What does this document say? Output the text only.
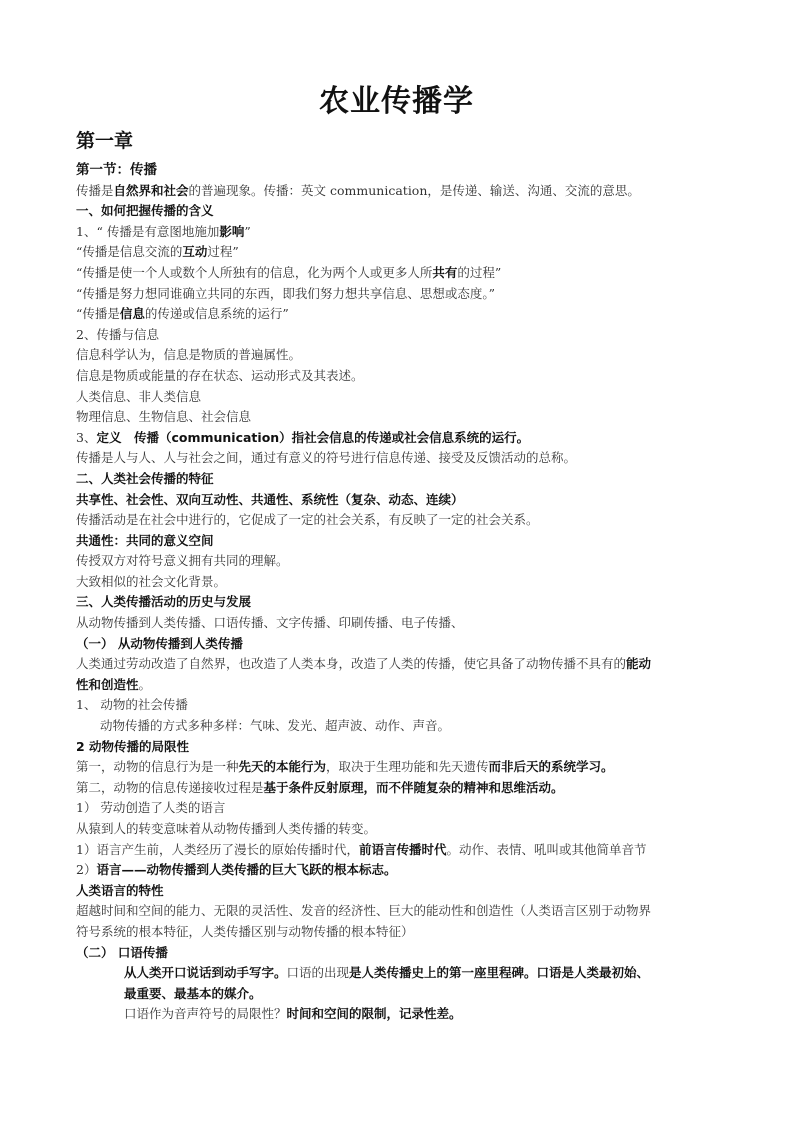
农业传播学
第一章
第一节：传播
传播是自然界和社会的普遍现象。传播：英文 communication，是传递、输送、沟通、交流的意思。
一、如何把握传播的含义
1、“ 传播是有意图地施加影响”
“传播是信息交流的互动过程”
“传播是使一个人或数个人所独有的信息，化为两个人或更多人所共有的过程”
“传播是努力想同谁确立共同的东西，即我们努力想共享信息、思想或态度。”
“传播是信息的传递或信息系统的运行”
2、传播与信息
信息科学认为，信息是物质的普遍属性。
信息是物质或能量的存在状态、运动形式及其表述。
人类信息、非人类信息
物理信息、生物信息、社会信息
3、定义　传播（communication）指社会信息的传递或社会信息系统的运行。
传播是人与人、人与社会之间，通过有意义的符号进行信息传递、接受及反馈活动的总称。
二、人类社会传播的特征
共享性、社会性、双向互动性、共通性、系统性（复杂、动态、连续）
传播活动是在社会中进行的，它促成了一定的社会关系，有反映了一定的社会关系。
共通性：共同的意义空间
传授双方对符号意义拥有共同的理解。
大致相似的社会文化背景。
三、人类传播活动的历史与发展
从动物传播到人类传播、口语传播、文字传播、印刷传播、电子传播、
（一） 从动物传播到人类传播
人类通过劳动改造了自然界，也改造了人类本身，改造了人类的传播，使它具备了动物传播不具有的能动
性和创造性。
1、 动物的社会传播
动物传播的方式多种多样：气味、发光、超声波、动作、声音。
2 动物传播的局限性
第一，动物的信息行为是一种先天的本能行为，取决于生理功能和先天遗传而非后天的系统学习。
第二，动物的信息传递接收过程是基于条件反射原理，而不伴随复杂的精神和思维活动。
1） 劳动创造了人类的语言
从猿到人的转变意味着从动物传播到人类传播的转变。
1）语言产生前，人类经历了漫长的原始传播时代，前语言传播时代。动作、表情、吼叫或其他简单音节
2）语言——动物传播到人类传播的巨大飞跃的根本标志。
人类语言的特性
超越时间和空间的能力、无限的灵活性、发音的经济性、巨大的能动性和创造性（人类语言区别于动物界
符号系统的根本特征，人类传播区别与动物传播的根本特征）
（二） 口语传播
从人类开口说话到动手写字。口语的出现是人类传播史上的第一座里程碑。口语是人类最初始、
最重要、最基本的媒介。
口语作为音声符号的局限性？时间和空间的限制，记录性差。
